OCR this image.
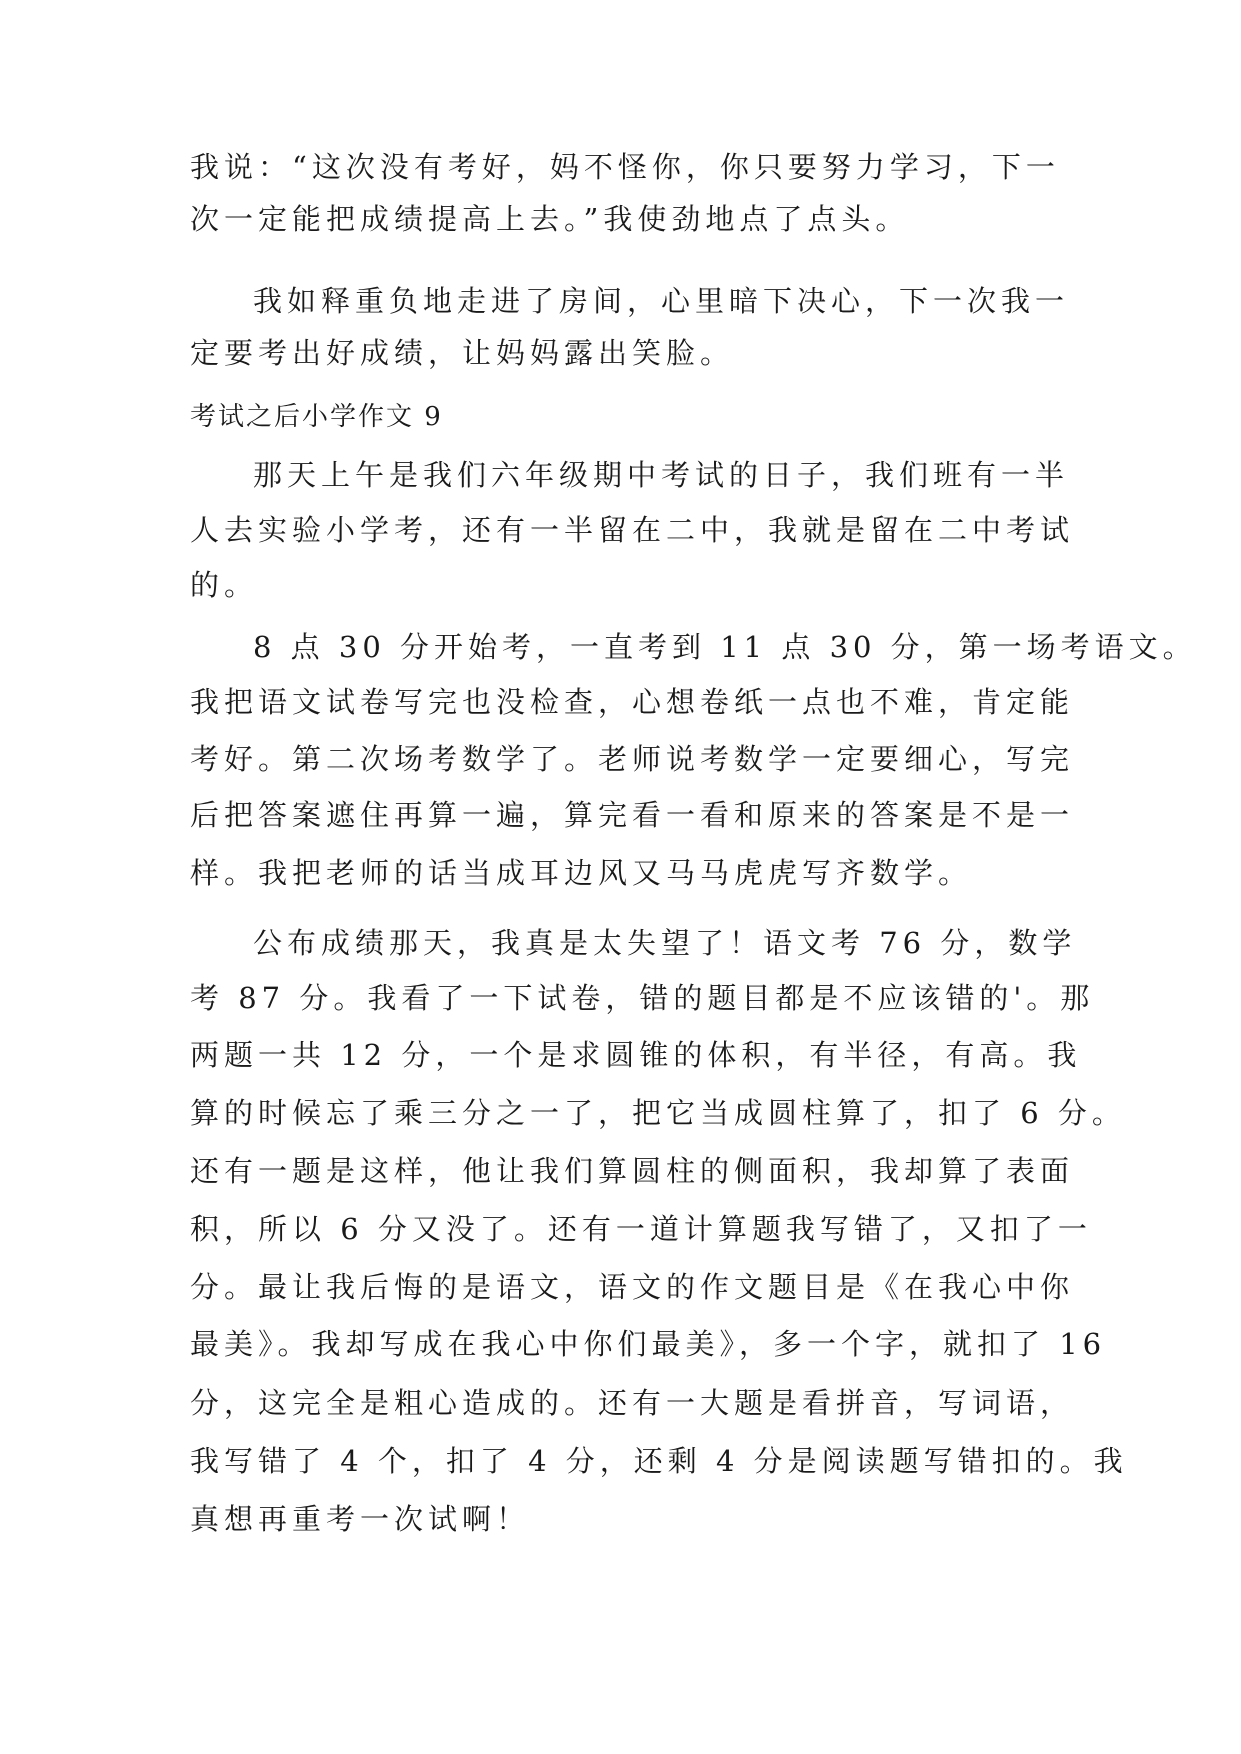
我说：“这次没有考好，妈不怪你，你只要努力学习，下一
次一定能把成绩提高上去。”我使劲地点了点头。
我如释重负地走进了房间，心里暗下决心，下一次我一
定要考出好成绩，让妈妈露出笑脸。
考试之后小学作文 9
那天上午是我们六年级期中考试的日子，我们班有一半
人去实验小学考，还有一半留在二中，我就是留在二中考试
的。
8 点 30 分开始考，一直考到 11 点 30 分，第一场考语文。
我把语文试卷写完也没检查，心想卷纸一点也不难，肯定能
考好。第二次场考数学了。老师说考数学一定要细心，写完
后把答案遮住再算一遍，算完看一看和原来的答案是不是一
样。我把老师的话当成耳边风又马马虎虎写齐数学。
公布成绩那天，我真是太失望了！语文考 76 分，数学
考 87 分。我看了一下试卷，错的题目都是不应该错的'。那
两题一共 12 分，一个是求圆锥的体积，有半径，有高。我
算的时候忘了乘三分之一了，把它当成圆柱算了，扣了 6 分。
还有一题是这样，他让我们算圆柱的侧面积，我却算了表面
积，所以 6 分又没了。还有一道计算题我写错了，又扣了一
分。最让我后悔的是语文，语文的作文题目是《在我心中你
最美》。我却写成在我心中你们最美》，多一个字，就扣了 16
分，这完全是粗心造成的。还有一大题是看拼音，写词语，
我写错了 4 个，扣了 4 分，还剩 4 分是阅读题写错扣的。我
真想再重考一次试啊！
